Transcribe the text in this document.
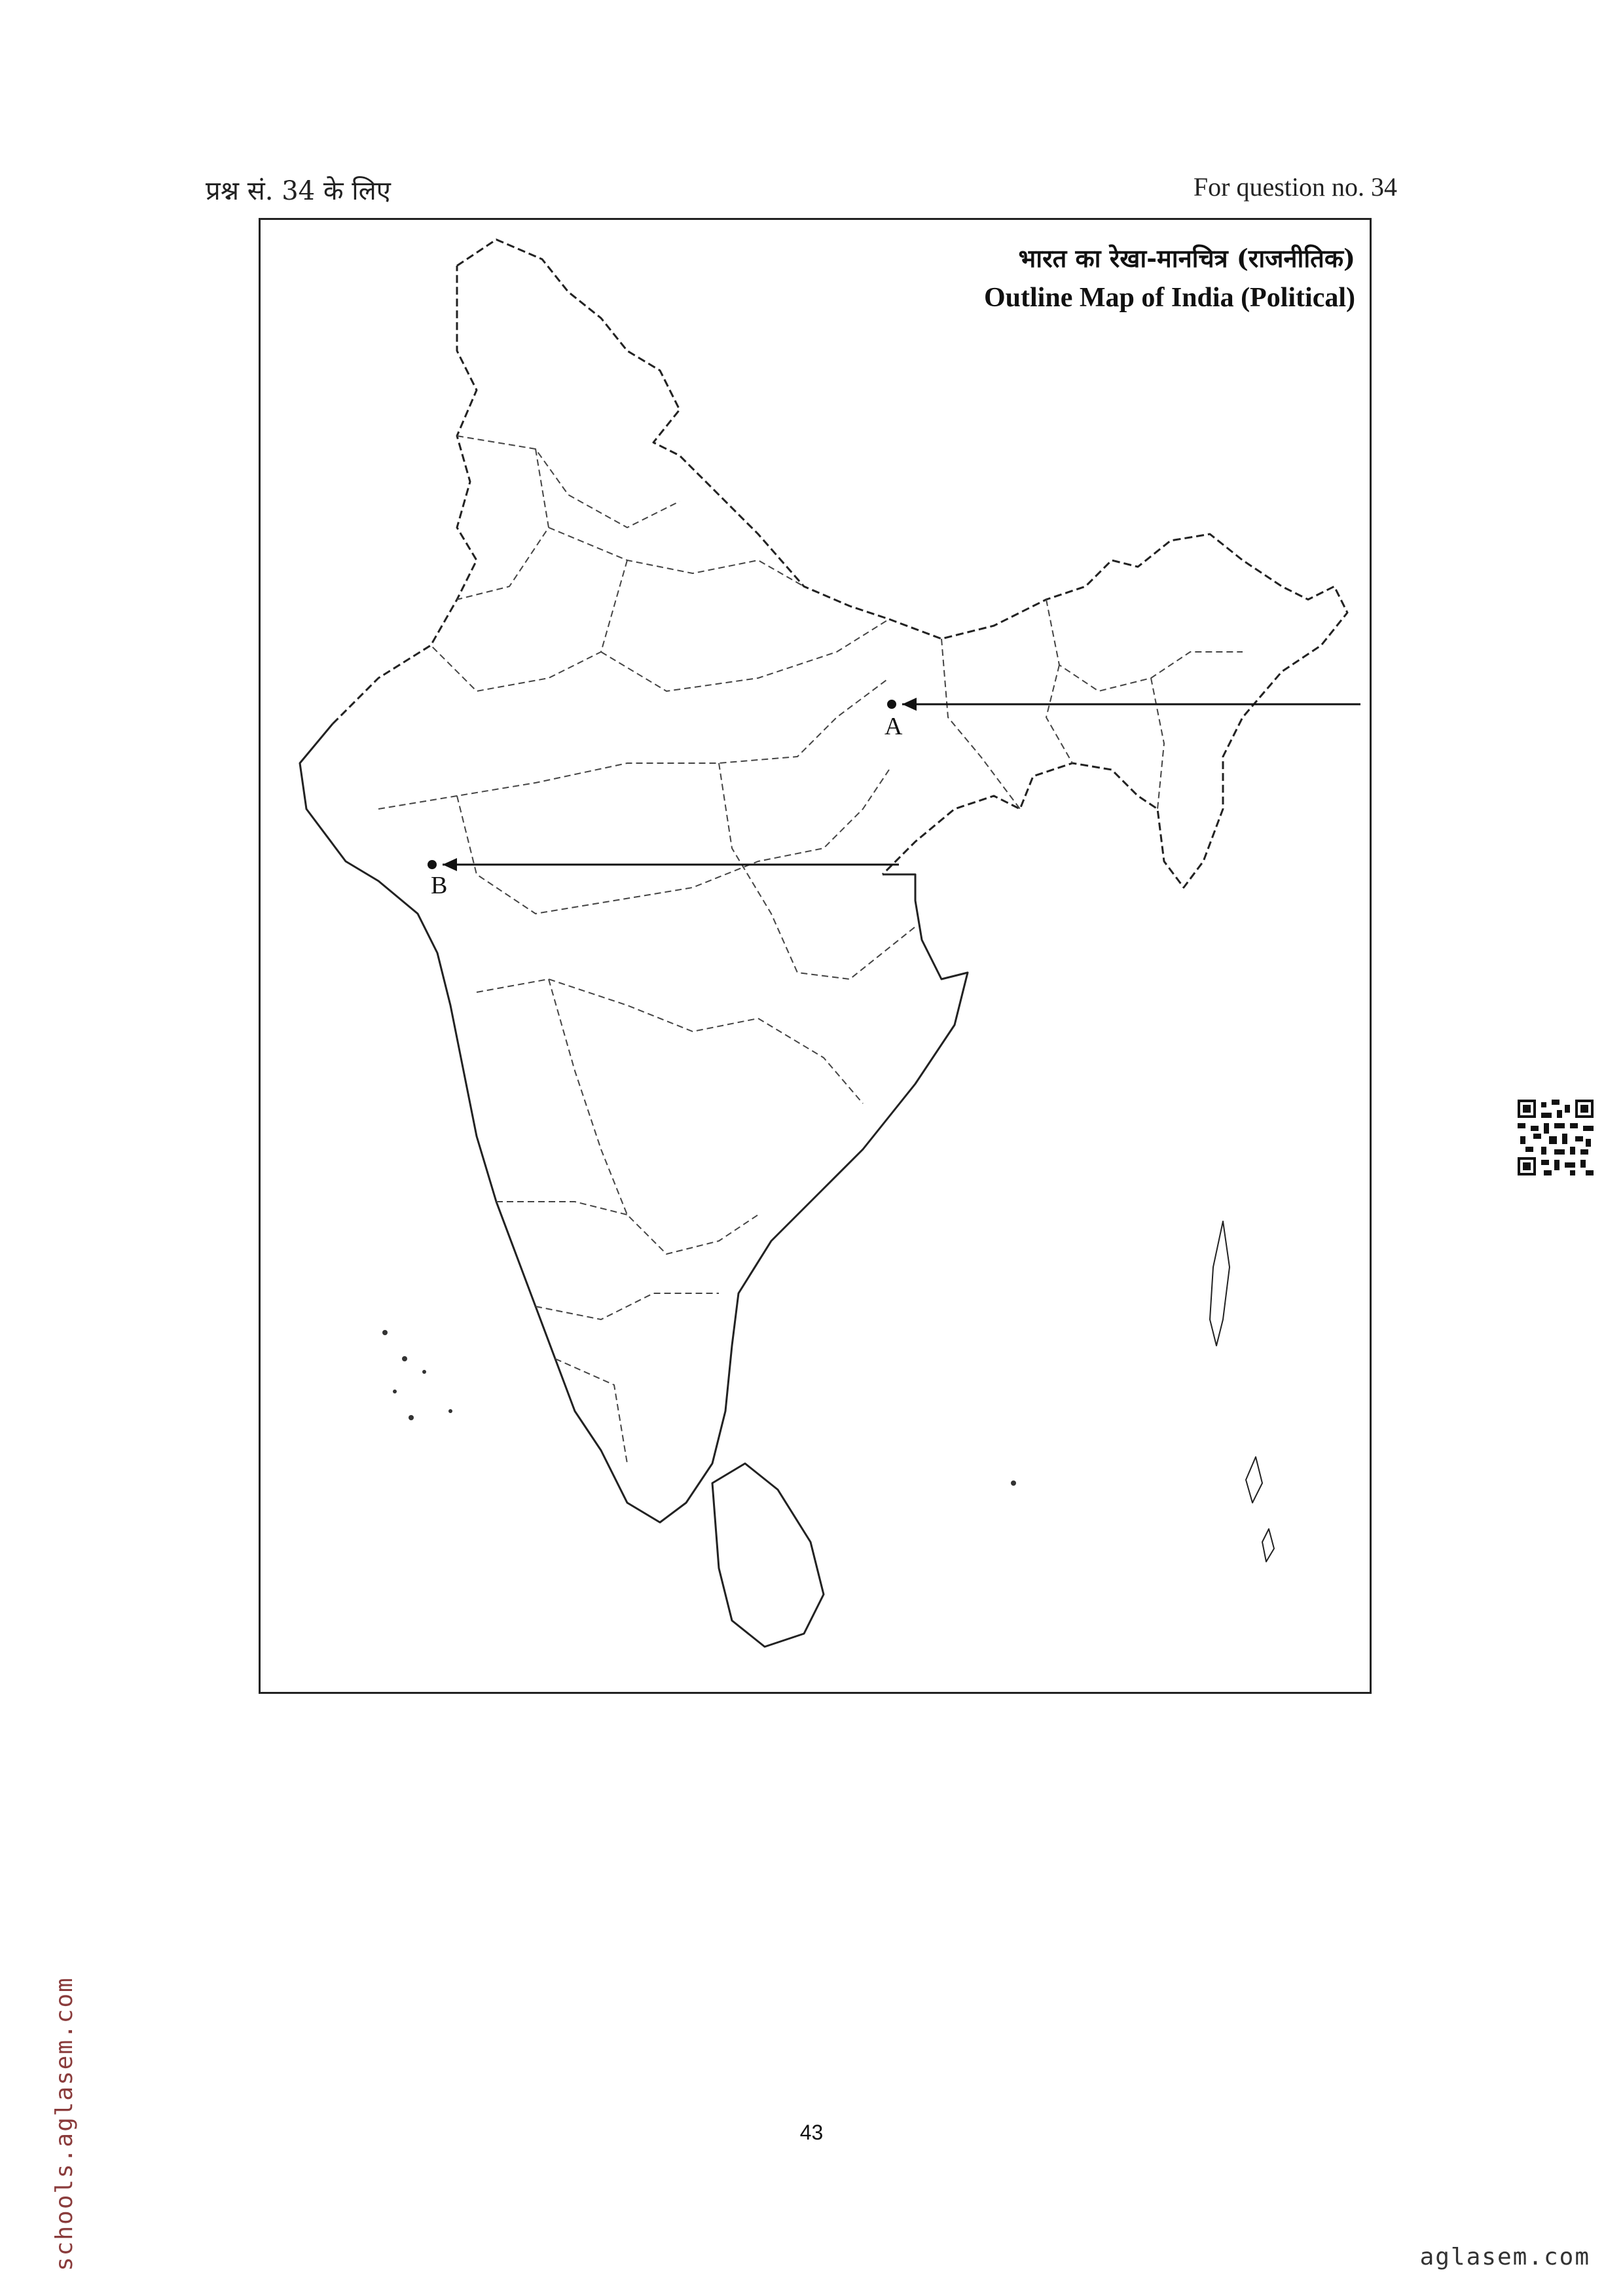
प्रश्न सं. 34 के लिए	For question no. 34
भारत का रेखा-मानचित्र (राजनीतिक)
Outline Map of India (Political)
A
B
43
schools.aglasem.com	aglasem.com
